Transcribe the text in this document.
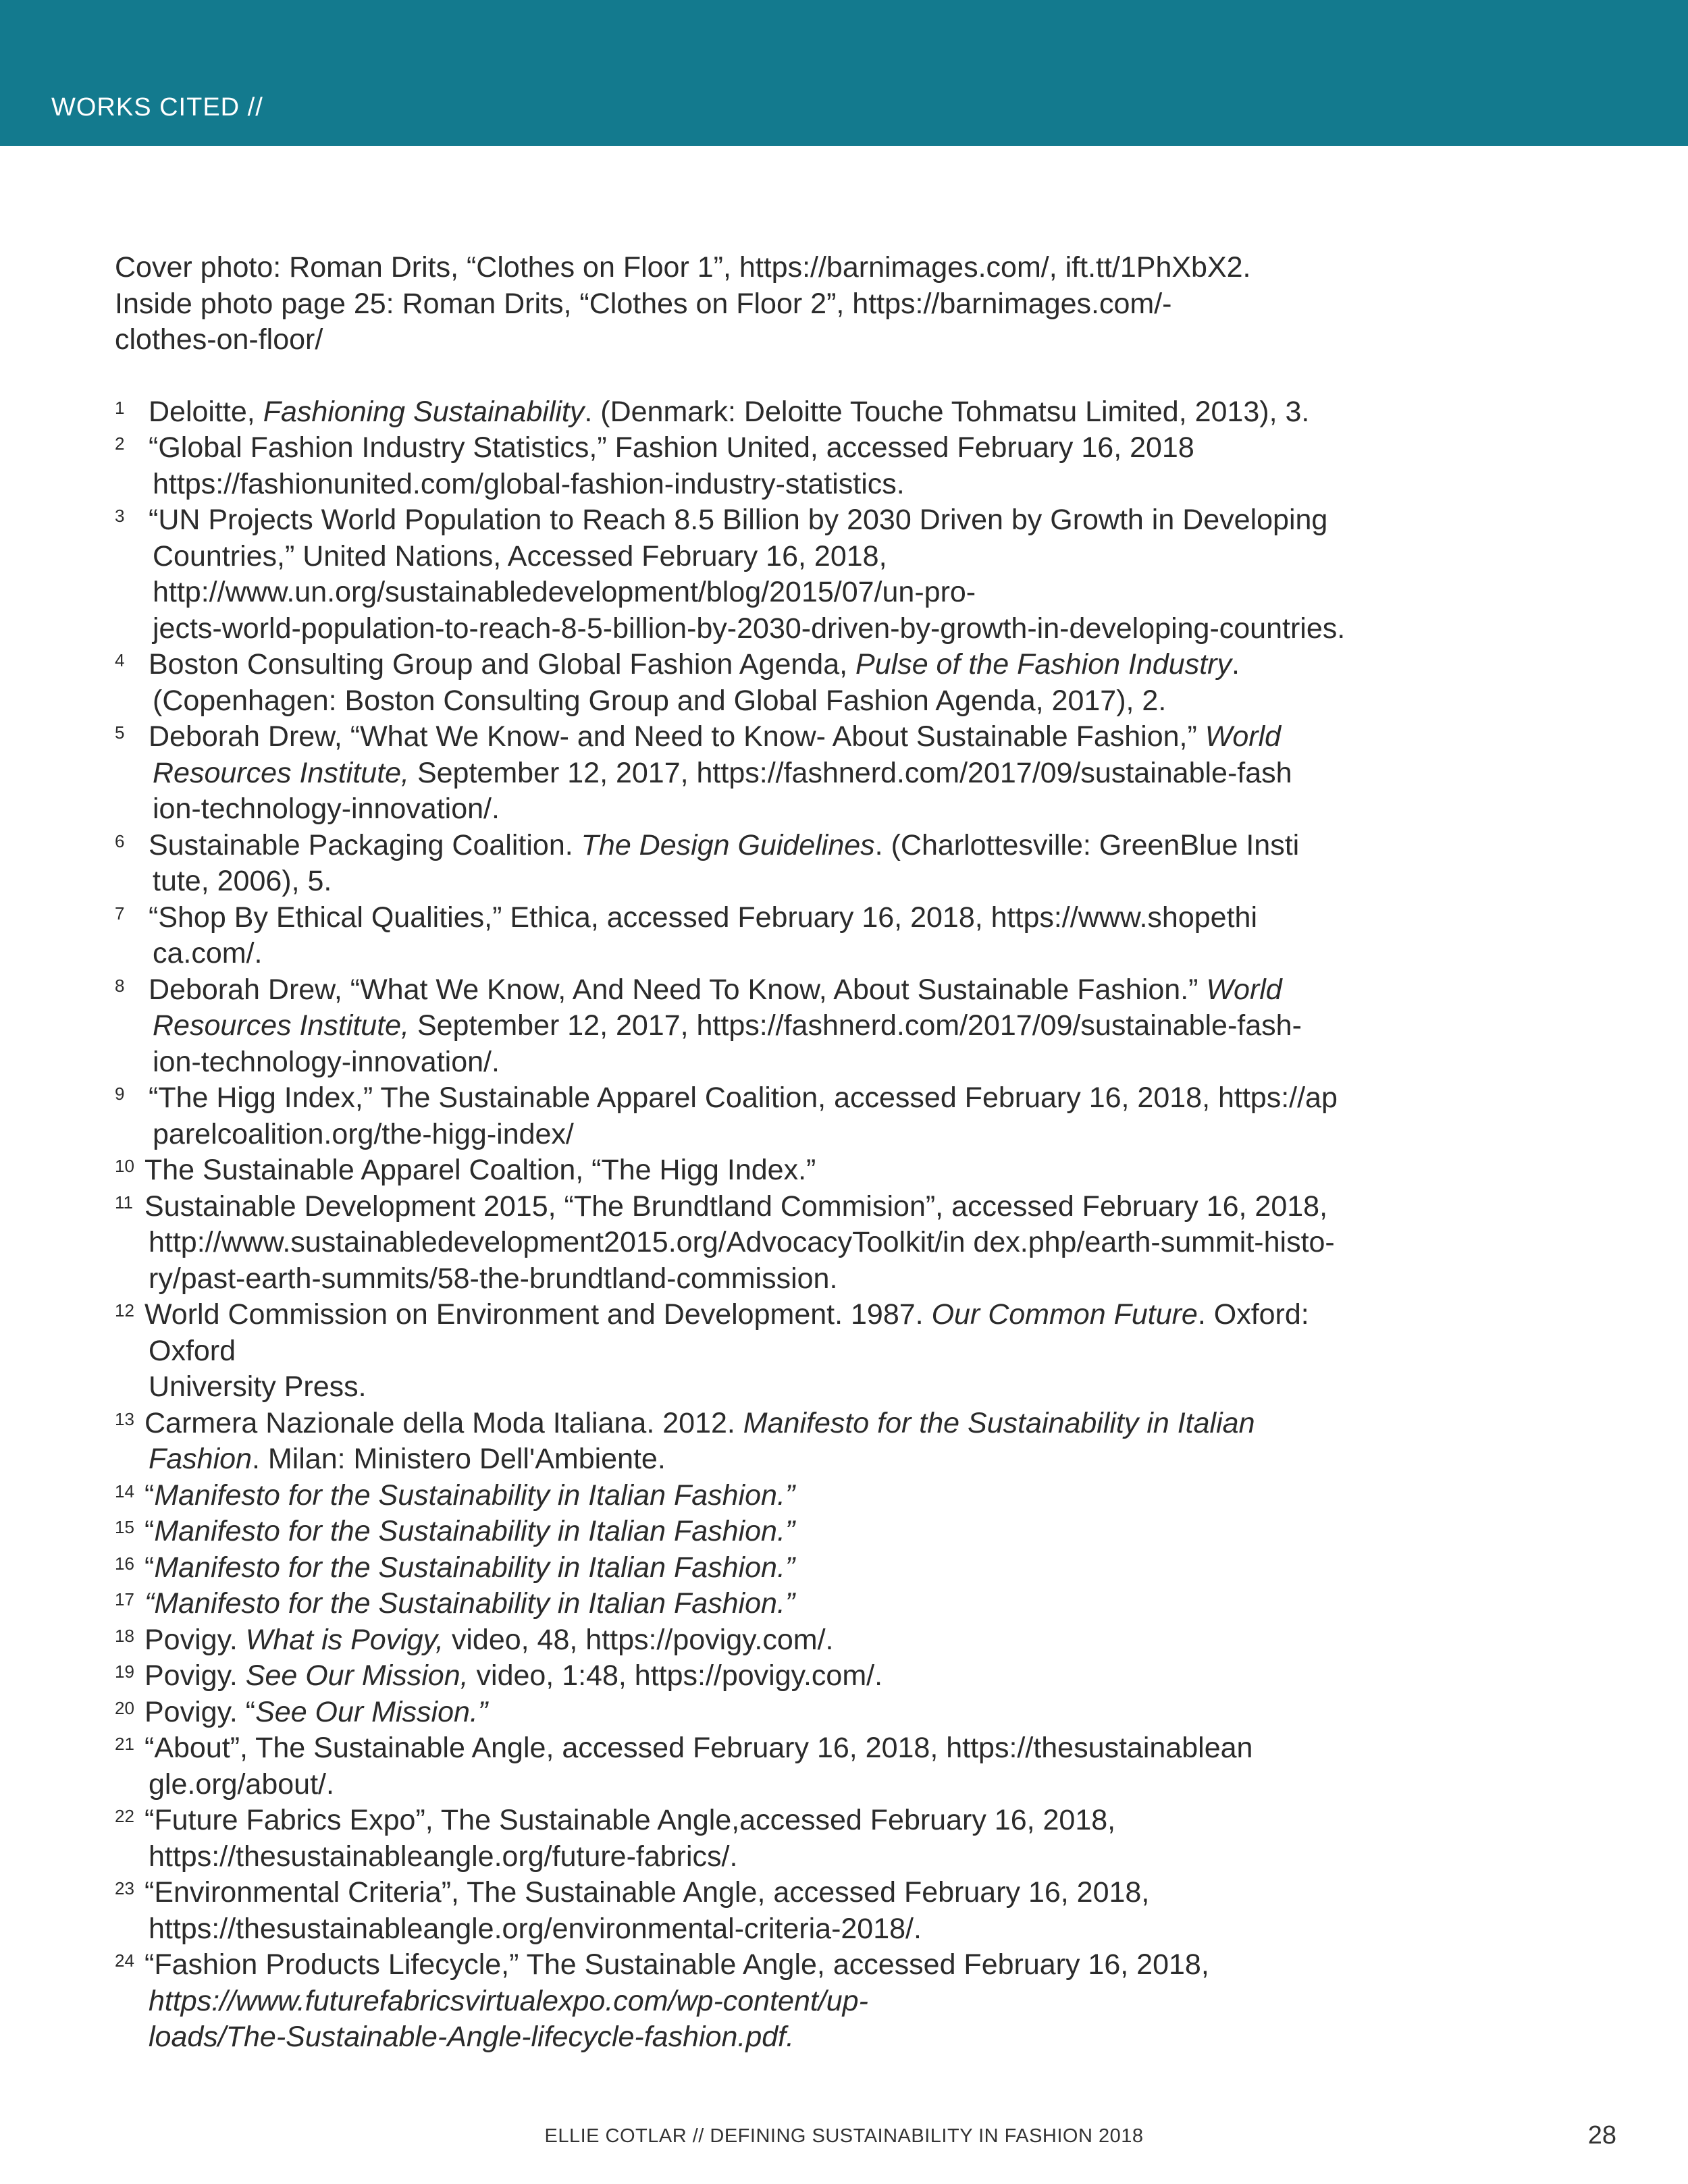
WORKS CITED //
Cover photo: Roman Drits, “Clothes on Floor 1”, https://barnimages.com/, ift.tt/1PhXbX2.
Inside photo page 25: Roman Drits, “Clothes on Floor 2”, https://barnimages.com/-
clothes-on-floor/
1 Deloitte, Fashioning Sustainability. (Denmark: Deloitte Touche Tohmatsu Limited, 2013), 3.
2 “Global Fashion Industry Statistics,” Fashion United, accessed February 16, 2018
https://fashionunited.com/global-fashion-industry-statistics.
3 “UN Projects World Population to Reach 8.5 Billion by 2030 Driven by Growth in Developing
Countries,” United Nations, Accessed February 16, 2018,
http://www.un.org/sustainabledevelopment/blog/2015/07/un-pro-
jects-world-population-to-reach-8-5-billion-by-2030-driven-by-growth-in-developing-countries.
4 Boston Consulting Group and Global Fashion Agenda, Pulse of the Fashion Industry.
(Copenhagen: Boston Consulting Group and Global Fashion Agenda, 2017), 2.
5 Deborah Drew, “What We Know- and Need to Know- About Sustainable Fashion,” World
Resources Institute, September 12, 2017, https://fashnerd.com/2017/09/sustainable-fash
ion-technology-innovation/.
6 Sustainable Packaging Coalition. The Design Guidelines. (Charlottesville: GreenBlue Insti
tute, 2006), 5.
7 “Shop By Ethical Qualities,” Ethica, accessed February 16, 2018, https://www.shopethi
ca.com/.
8 Deborah Drew, “What We Know, And Need To Know, About Sustainable Fashion.” World
Resources Institute, September 12, 2017, https://fashnerd.com/2017/09/sustainable-fash-
ion-technology-innovation/.
9 “The Higg Index,” The Sustainable Apparel Coalition, accessed February 16, 2018, https://ap
parelcoalition.org/the-higg-index/
10 The Sustainable Apparel Coaltion, “The Higg Index.”
11 Sustainable Development 2015, “The Brundtland Commision”, accessed February 16, 2018,
http://www.sustainabledevelopment2015.org/AdvocacyToolkit/in dex.php/earth-summit-histo-
ry/past-earth-summits/58-the-brundtland-commission.
12 World Commission on Environment and Development. 1987. Our Common Future. Oxford:
Oxford
University Press.
13 Carmera Nazionale della Moda Italiana. 2012. Manifesto for the Sustainability in Italian
Fashion. Milan: Ministero Dell'Ambiente.
14 “Manifesto for the Sustainability in Italian Fashion.”
15 “Manifesto for the Sustainability in Italian Fashion.”
16 “Manifesto for the Sustainability in Italian Fashion.”
17 “Manifesto for the Sustainability in Italian Fashion.”
18 Povigy. What is Povigy, video, 48, https://povigy.com/.
19 Povigy. See Our Mission, video, 1:48, https://povigy.com/.
20 Povigy. “See Our Mission.”
21 “About”, The Sustainable Angle, accessed February 16, 2018, https://thesustainablean
gle.org/about/.
22 “Future Fabrics Expo”, The Sustainable Angle,accessed February 16, 2018,
https://thesustainableangle.org/future-fabrics/.
23 “Environmental Criteria”, The Sustainable Angle, accessed February 16, 2018,
https://thesustainableangle.org/environmental-criteria-2018/.
24 “Fashion Products Lifecycle,” The Sustainable Angle, accessed February 16, 2018,
https://www.futurefabricsvirtualexpo.com/wp-content/up-
loads/The-Sustainable-Angle-lifecycle-fashion.pdf.
ELLIE COTLAR // DEFINING SUSTAINABILITY IN FASHION 2018	28
